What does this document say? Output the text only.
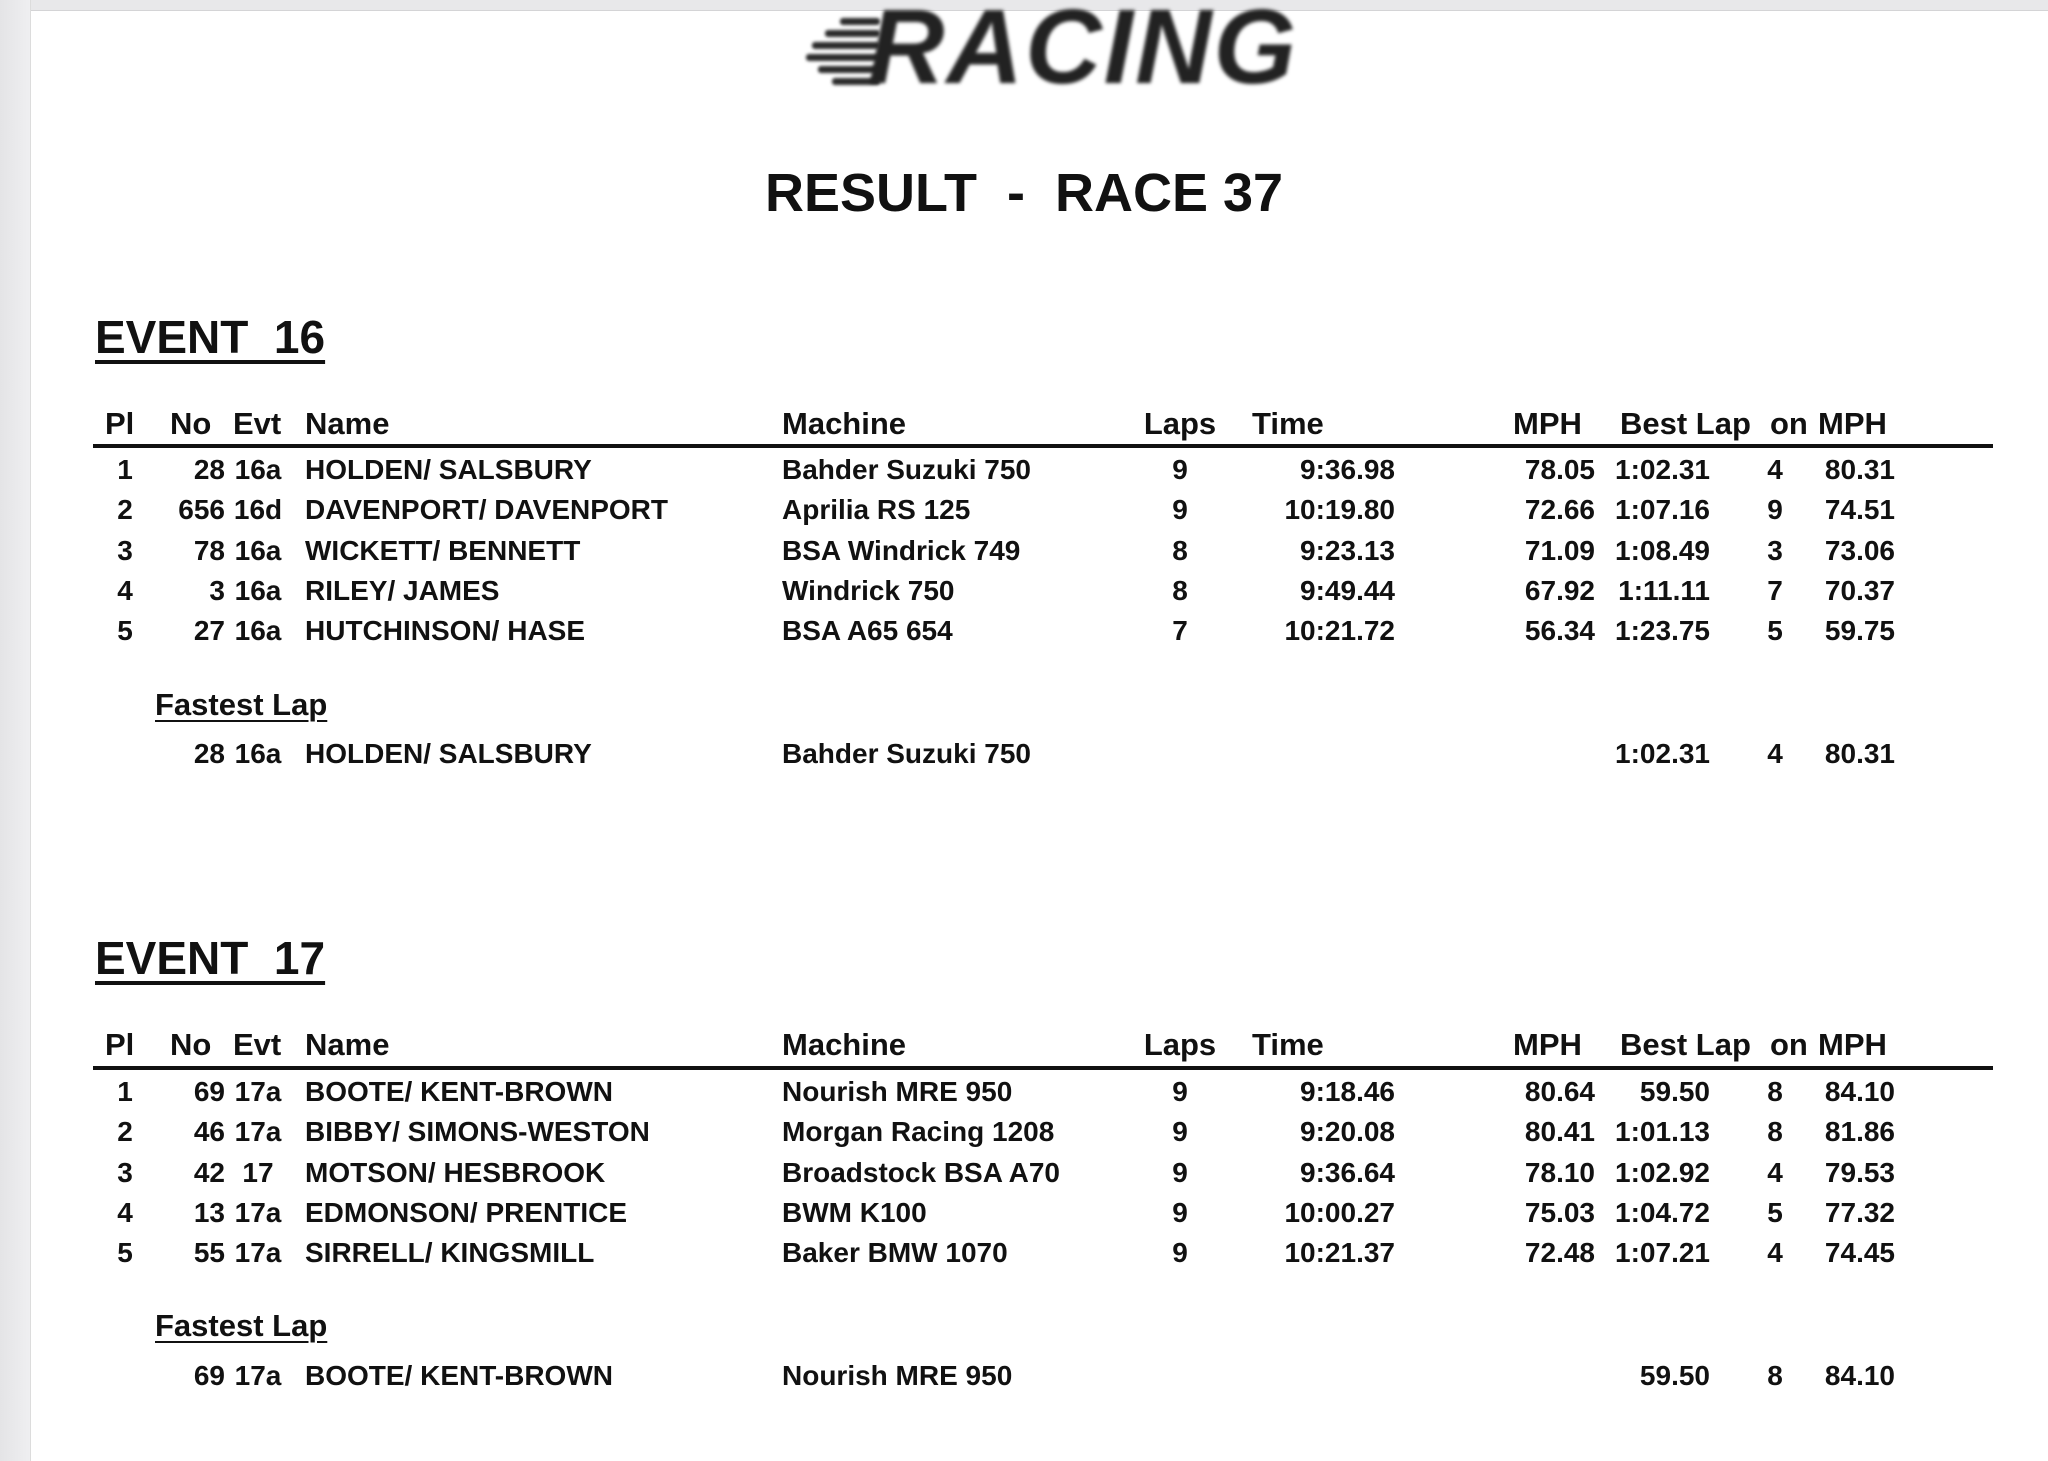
RACING
RESULT  -  RACE 37
EVENT  16
Pl No Evt Name	Machine	Laps	Time	MPH Best Lap on MPH
1	28 16a HOLDEN/ SALSBURY	Bahder Suzuki 750	9	9:36.98	78.05 1:02.31	4	80.31
2	656 16d DAVENPORT/ DAVENPORT	Aprilia RS 125	9	10:19.80	72.66 1:07.16	9	74.51
3	78 16a WICKETT/ BENNETT	BSA Windrick 749	8	9:23.13	71.09 1:08.49	3	73.06
4	3 16a RILEY/ JAMES	Windrick 750	8	9:49.44	67.92 1:11.11	7	70.37
5	27 16a HUTCHINSON/ HASE	BSA A65 654	7	10:21.72	56.34 1:23.75	5	59.75
Fastest Lap
28 16a HOLDEN/ SALSBURY	Bahder Suzuki 750	1:02.31	4	80.31
EVENT  17
Pl No Evt Name	Machine	Laps	Time	MPH Best Lap on MPH
1	69 17a BOOTE/ KENT-BROWN	Nourish MRE 950	9	9:18.46	80.64	59.50	8	84.10
2	46 17a BIBBY/ SIMONS-WESTON	Morgan Racing 1208	9	9:20.08	80.41 1:01.13	8	81.86
3	42 17	MOTSON/ HESBROOK	Broadstock BSA A70	9	9:36.64	78.10 1:02.92	4	79.53
4	13 17a EDMONSON/ PRENTICE	BWM K100	9	10:00.27	75.03 1:04.72	5	77.32
5	55 17a SIRRELL/ KINGSMILL	Baker BMW 1070	9	10:21.37	72.48 1:07.21	4	74.45
Fastest Lap
69 17a BOOTE/ KENT-BROWN	Nourish MRE 950	59.50	8	84.10
